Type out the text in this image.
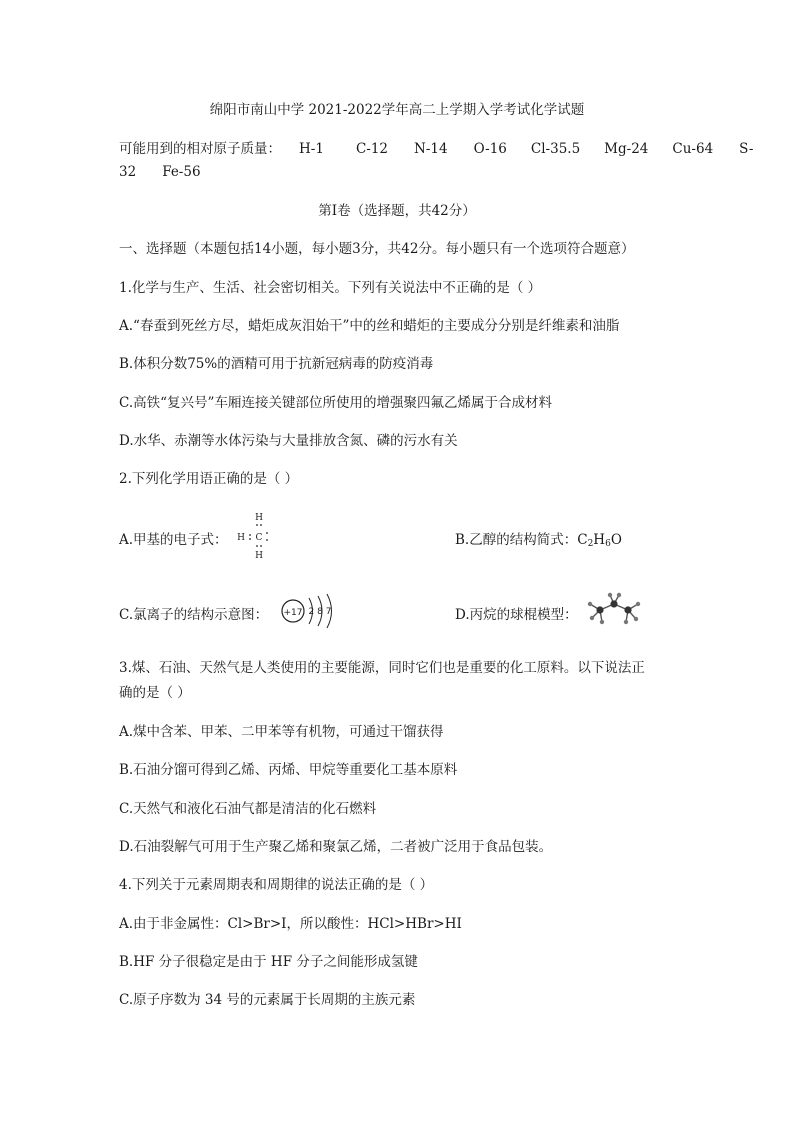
绵阳市南山中学 2021-2022学年高二上学期入学考试化学试题
可能用到的相对原子质量： H-1 C-12 N-14 O-16 Cl-35.5 Mg-24 Cu-64 S-
32 Fe-56
第Ⅰ卷（选择题，共42分）
一、选择题（本题包括14小题，每小题3分，共42分。每小题只有一个选项符合题意）
1.化学与生产、生活、社会密切相关。下列有关说法中不正确的是（ ）
A.“春蚕到死丝方尽，蜡炬成灰泪始干”中的丝和蜡炬的主要成分分别是纤维素和油脂
B.体积分数75%的酒精可用于抗新冠病毒的防疫消毒
C.高铁“复兴号”车厢连接关键部位所使用的增强聚四氟乙烯属于合成材料
D.水华、赤潮等水体污染与大量排放含氮、磷的污水有关
2.下列化学用语正确的是（ ）
A.甲基的电子式：
H
H C
H
B.乙醇的结构简式：$C_2H_6O$
C.氯离子的结构示意图： +17 2 8 7	D.丙烷的球棍模型：
3.煤、石油、天然气是人类使用的主要能源，同时它们也是重要的化工原料。以下说法正
确的是（ ）
A.煤中含苯、甲苯、二甲苯等有机物，可通过干馏获得
B.石油分馏可得到乙烯、丙烯、甲烷等重要化工基本原料
C.天然气和液化石油气都是清洁的化石燃料
D.石油裂解气可用于生产聚乙烯和聚氯乙烯，二者被广泛用于食品包装。
4.下列关于元素周期表和周期律的说法正确的是（ ）
A.由于非金属性：Cl>Br>I，所以酸性：HCl>HBr>HI
B.HF 分子很稳定是由于 HF 分子之间能形成氢键
C.原子序数为 34 号的元素属于长周期的主族元素
